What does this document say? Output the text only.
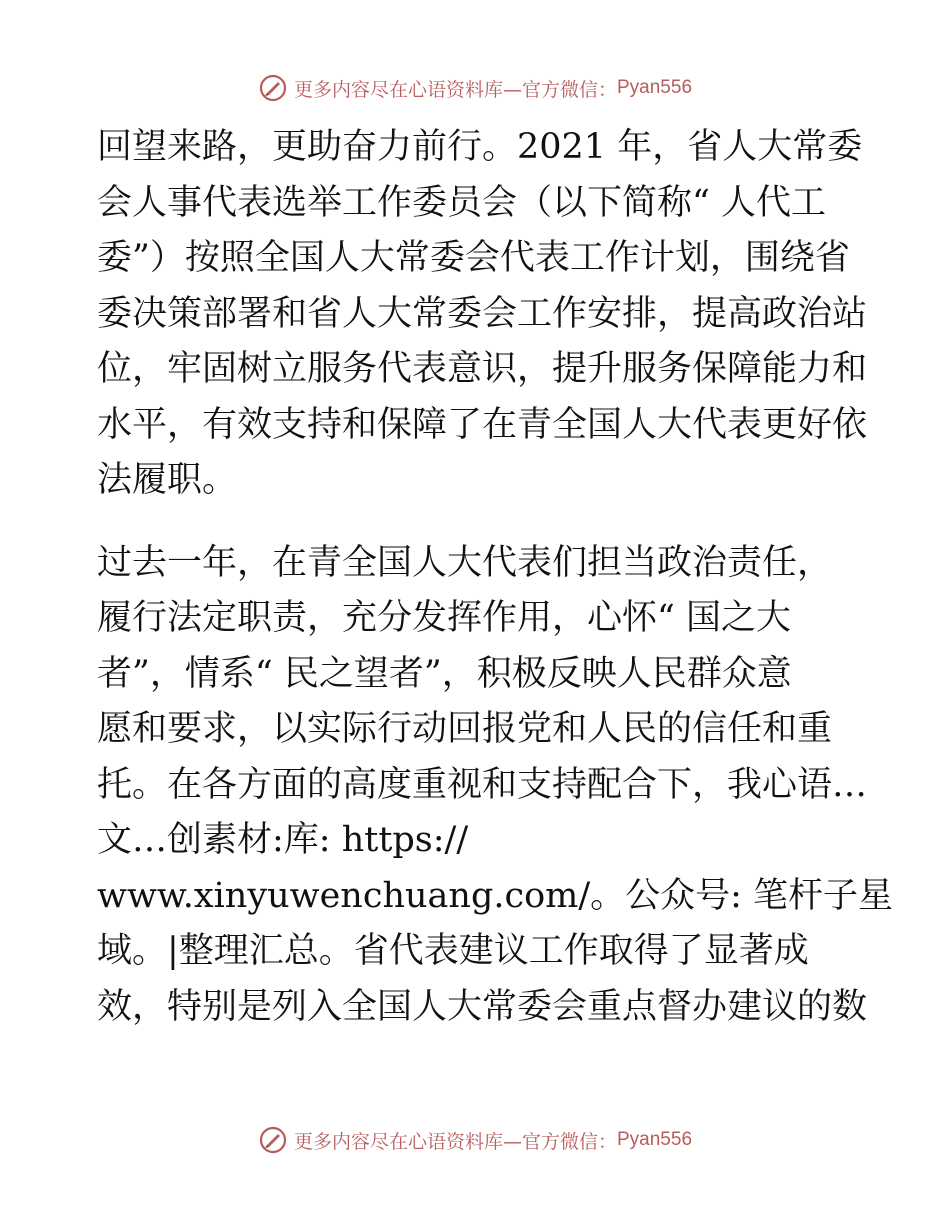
更多内容尽在心语资料库—官方微信： Pyan556

回望来路，更助奋力前行。2021 年，省人大常委
会人事代表选举工作委员会（以下简称“ 人代工
委”）按照全国人大常委会代表工作计划，围绕省
委决策部署和省人大常委会工作安排，提高政治站
位，牢固树立服务代表意识，提升服务保障能力和
水平，有效支持和保障了在青全国人大代表更好依
法履职。

过去一年，在青全国人大代表们担当政治责任，
履行法定职责，充分发挥作用，心怀“ 国之大
者”，情系“ 民之望者”，积极反映人民群众意
愿和要求，以实际行动回报党和人民的信任和重
托。在各方面的高度重视和支持配合下，我心语…
文…创素材:库: https://
www.xinyuwenchuang.com/。公众号: 笔杆子星
域。|整理汇总。省代表建议工作取得了显著成
效，特别是列入全国人大常委会重点督办建议的数

更多内容尽在心语资料库—官方微信： Pyan556
